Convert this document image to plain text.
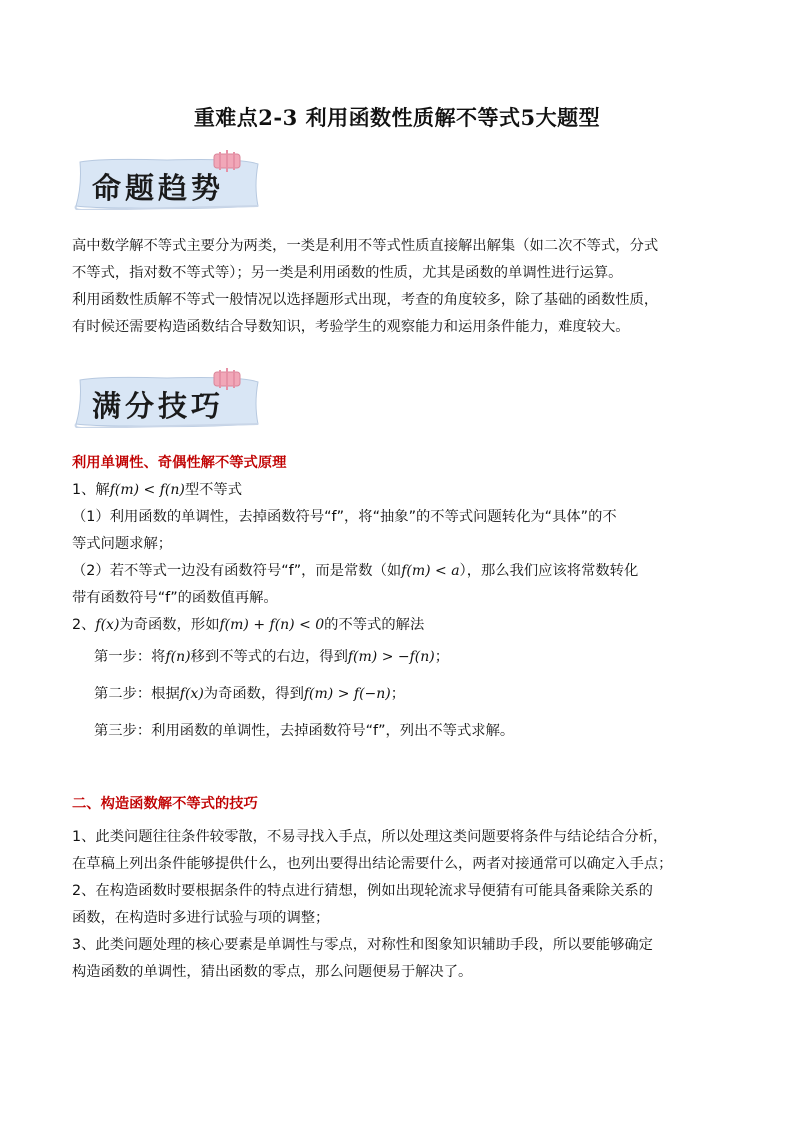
重难点2-3 利用函数性质解不等式5大题型
命题趋势
高中数学解不等式主要分为两类，一类是利用不等式性质直接解出解集（如二次不等式，分式
不等式，指对数不等式等）；另一类是利用函数的性质，尤其是函数的单调性进行运算。
利用函数性质解不等式一般情况以选择题形式出现，考查的角度较多，除了基础的函数性质，
有时候还需要构造函数结合导数知识，考验学生的观察能力和运用条件能力，难度较大。
满分技巧
利用单调性、奇偶性解不等式原理
1、解f(m) < f(n)型不等式
（1）利用函数的单调性，去掉函数符号“f”，将“抽象”的不等式问题转化为“具体”的不
等式问题求解；
（2）若不等式一边没有函数符号“f”，而是常数（如f(m) < a），那么我们应该将常数转化
带有函数符号“f”的函数值再解。
2、f(x)为奇函数，形如f(m) + f(n) < 0的不等式的解法
第一步：将f(n)移到不等式的右边，得到f(m) > −f(n)；
第二步：根据f(x)为奇函数，得到f(m) > f(−n)；
第三步：利用函数的单调性，去掉函数符号“f”，列出不等式求解。
二、构造函数解不等式的技巧
1、此类问题往往条件较零散，不易寻找入手点，所以处理这类问题要将条件与结论结合分析，
在草稿上列出条件能够提供什么，也列出要得出结论需要什么，两者对接通常可以确定入手点；
2、在构造函数时要根据条件的特点进行猜想，例如出现轮流求导便猜有可能具备乘除关系的
函数，在构造时多进行试验与项的调整；
3、此类问题处理的核心要素是单调性与零点，对称性和图象知识辅助手段，所以要能够确定
构造函数的单调性，猜出函数的零点，那么问题便易于解决了。
